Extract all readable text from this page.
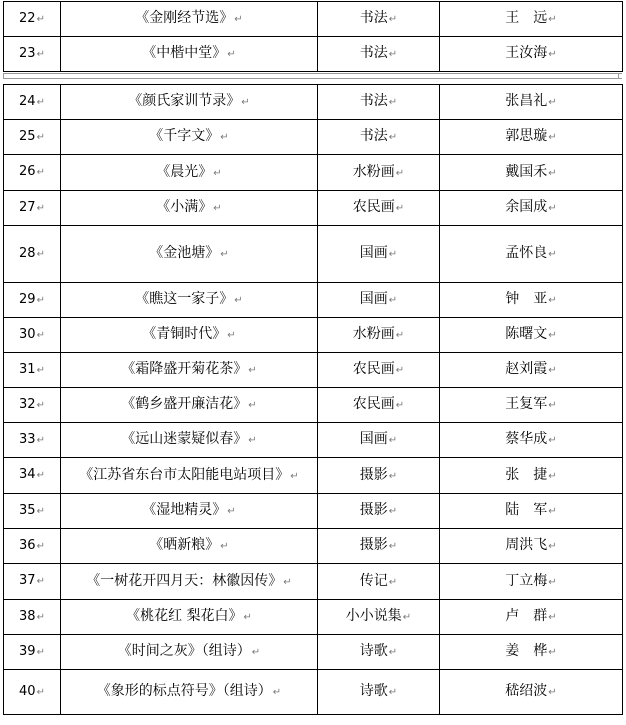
22↵	《金刚经节选》↵	书法↵	王　远↵
23↵	《中楷中堂》↵	书法↵	王汝海↵
24↵	《颜氏家训节录》↵	书法↵	张昌礼↵
25↵	《千字文》↵	书法↵	郭思璇↵
26↵	《晨光》↵	水粉画↵	戴国禾↵
27↵	《小满》↵	农民画↵	余国成↵
28↵	《金池塘》↵	国画↵	孟怀良↵
29↵	《瞧这一家子》↵	国画↵	钟　亚↵
30↵	《青铜时代》↵	水粉画↵	陈曙文↵
31↵	《霜降盛开菊花茶》↵	农民画↵	赵刘霞↵
32↵	《鹤乡盛开廉洁花》↵	农民画↵	王复军↵
33↵	《远山迷蒙疑似春》↵	国画↵	蔡华成↵
34↵	《江苏省东台市太阳能电站项目》↵	摄影↵	张　捷↵
35↵	《湿地精灵》↵	摄影↵	陆　军↵
36↵	《晒新粮》↵	摄影↵	周洪飞↵
37↵	《一树花开四月天：林徽因传》↵	传记↵	丁立梅↵
38↵	《桃花红 梨花白》↵	小小说集↵	卢　群↵
39↵	《时间之灰》（组诗）↵	诗歌↵	姜　桦↵
40↵	《象形的标点符号》（组诗）↵	诗歌↵	嵇绍波↵
